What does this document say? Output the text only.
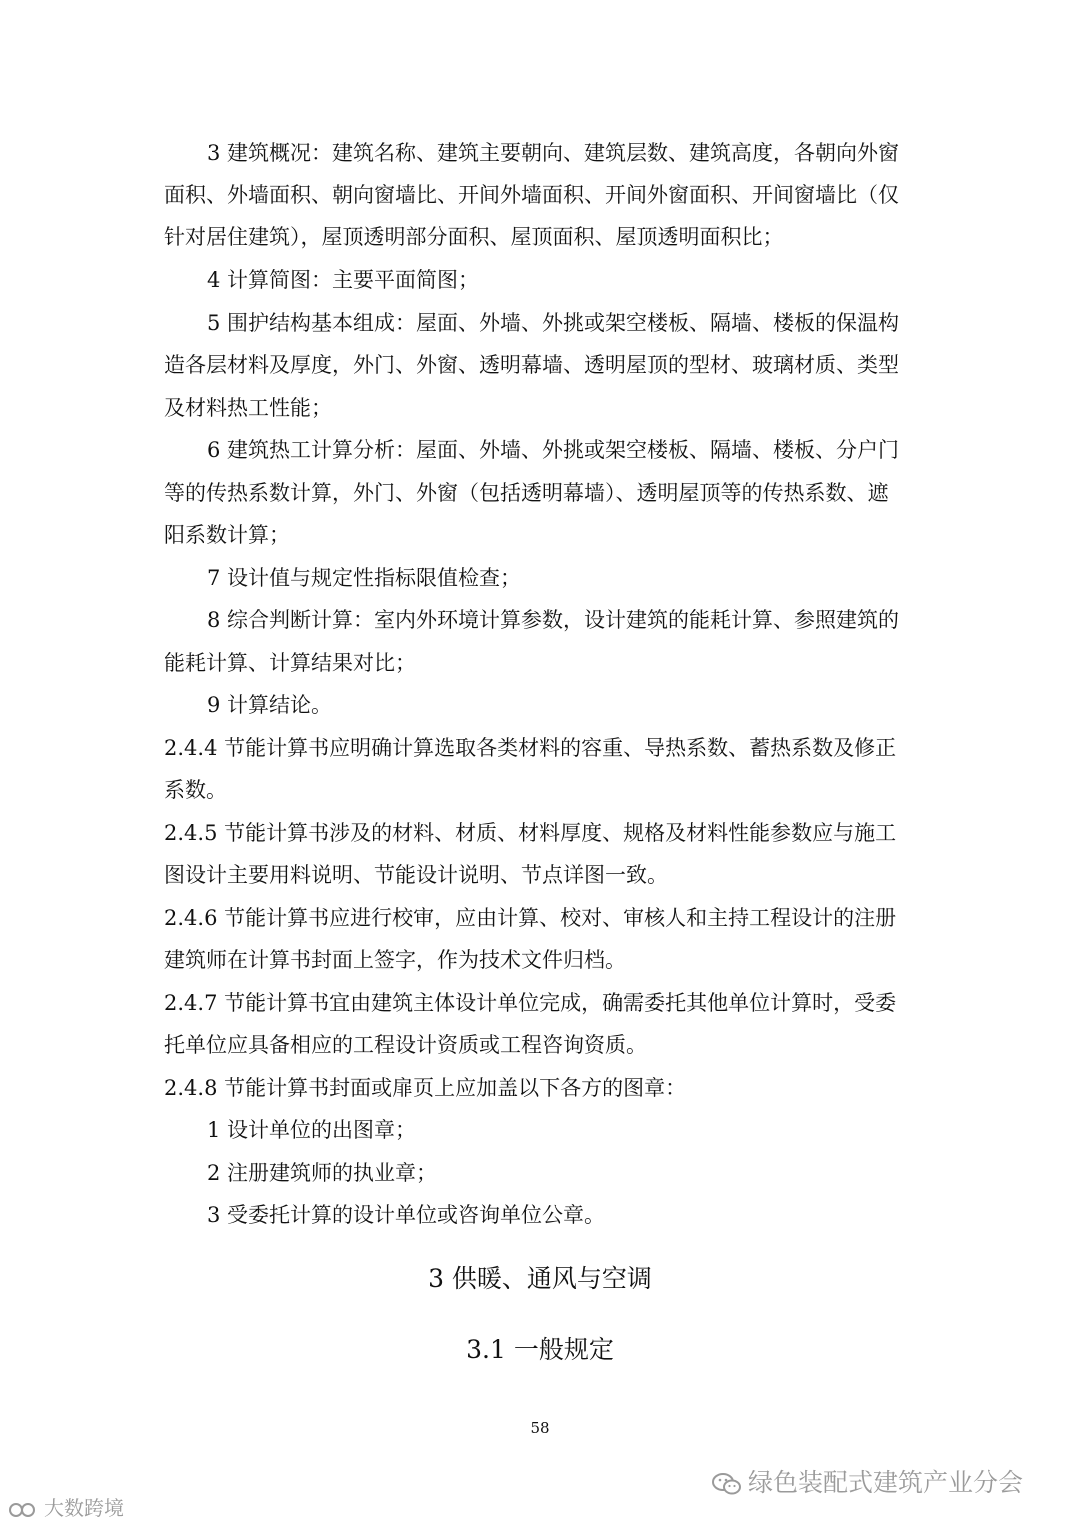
3 建筑概况：建筑名称、建筑主要朝向、建筑层数、建筑高度，各朝向外窗
面积、外墙面积、朝向窗墙比、开间外墙面积、开间外窗面积、开间窗墙比（仅
针对居住建筑），屋顶透明部分面积、屋顶面积、屋顶透明面积比；
4 计算简图：主要平面简图；
5 围护结构基本组成：屋面、外墙、外挑或架空楼板、隔墙、楼板的保温构
造各层材料及厚度，外门、外窗、透明幕墙、透明屋顶的型材、玻璃材质、类型
及材料热工性能；
6 建筑热工计算分析：屋面、外墙、外挑或架空楼板、隔墙、楼板、分户门
等的传热系数计算，外门、外窗（包括透明幕墙）、透明屋顶等的传热系数、遮
阳系数计算；
7 设计值与规定性指标限值检查；
8 综合判断计算：室内外环境计算参数，设计建筑的能耗计算、参照建筑的
能耗计算、计算结果对比；
9 计算结论。
2.4.4 节能计算书应明确计算选取各类材料的容重、导热系数、蓄热系数及修正
系数。
2.4.5 节能计算书涉及的材料、材质、材料厚度、规格及材料性能参数应与施工
图设计主要用料说明、节能设计说明、节点详图一致。
2.4.6 节能计算书应进行校审，应由计算、校对、审核人和主持工程设计的注册
建筑师在计算书封面上签字，作为技术文件归档。
2.4.7 节能计算书宜由建筑主体设计单位完成，确需委托其他单位计算时，受委
托单位应具备相应的工程设计资质或工程咨询资质。
2.4.8 节能计算书封面或扉页上应加盖以下各方的图章：
1 设计单位的出图章；
2 注册建筑师的执业章；
3 受委托计算的设计单位或咨询单位公章。
3 供暖、通风与空调
3.1 一般规定
58
绿色装配式建筑产业分会
大数跨境
